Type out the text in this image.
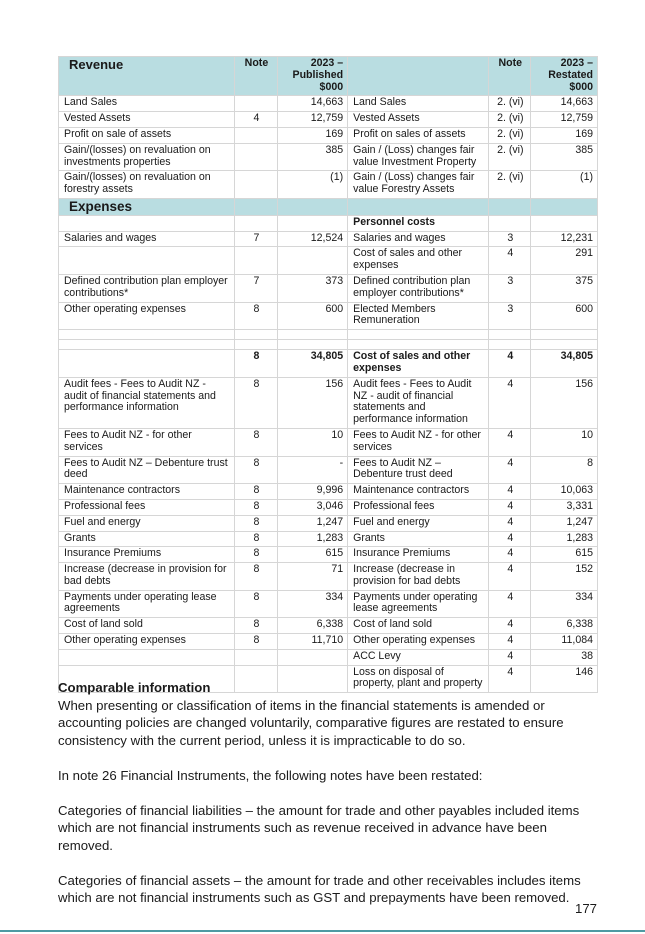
Revenue	Note	2023 – Published $000		Note	2023 – Restated $000
Land Sales		14,663	Land Sales	2. (vi)	14,663
Vested Assets	4	12,759	Vested Assets	2. (vi)	12,759
Profit on sale of assets		169	Profit on sales of assets	2. (vi)	169
Gain/(losses) on revaluation on investments properties		385	Gain / (Loss) changes fair value Investment Property	2. (vi)	385
Gain/(losses) on revaluation on forestry assets		(1)	Gain / (Loss) changes fair value Forestry Assets	2. (vi)	(1)
Expenses					
			Personnel costs		
Salaries and wages	7	12,524	Salaries and wages	3	12,231
			Cost of sales and other expenses	4	291
Defined contribution plan employer contributions*	7	373	Defined contribution plan employer contributions*	3	375
Other operating expenses	8	600	Elected Members Remuneration	3	600

	8	34,805	Cost of sales and other expenses	4	34,805
Audit fees - Fees to Audit NZ - audit of financial statements and performance information	8	156	Audit fees - Fees to Audit NZ - audit of financial statements and performance information	4	156
Fees to Audit NZ - for other services	8	10	Fees to Audit NZ - for other services	4	10
Fees to Audit NZ – Debenture trust deed	8	-	Fees to Audit NZ – Debenture trust deed	4	8
Maintenance contractors	8	9,996	Maintenance contractors	4	10,063
Professional fees	8	3,046	Professional fees	4	3,331
Fuel and energy	8	1,247	Fuel and energy	4	1,247
Grants	8	1,283	Grants	4	1,283
Insurance Premiums	8	615	Insurance Premiums	4	615
Increase (decrease in provision for bad debts	8	71	Increase (decrease in provision for bad debts	4	152
Payments under operating lease agreements	8	334	Payments under operating lease agreements	4	334
Cost of land sold	8	6,338	Cost of land sold	4	6,338
Other operating expenses	8	11,710	Other operating expenses	4	11,084
			ACC Levy	4	38
			Loss on disposal of property, plant and property	4	146

Comparable information

When presenting or classification of items in the financial statements is amended or accounting policies are changed voluntarily, comparative figures are restated to ensure consistency with the current period, unless it is impracticable to do so.

In note 26 Financial Instruments, the following notes have been restated:

Categories of financial liabilities – the amount for trade and other payables included items which are not financial instruments such as revenue received in advance have been removed.

Categories of financial assets – the amount for trade and other receivables includes items which are not financial instruments such as GST and prepayments have been removed.

177
